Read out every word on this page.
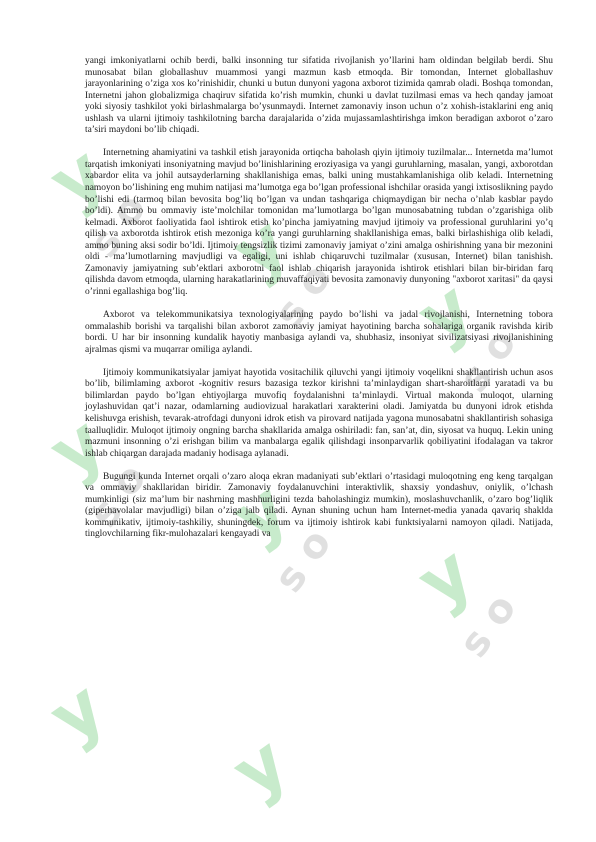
y
y
y
y
y
y
y
y
s o
s o
s o
s o
s o
s o

yangi imkoniyatlarni ochib berdi, balki insonning tur sifatida rivojlanish yo’llarini ham oldindan belgilab berdi. Shu munosabat bilan globallashuv muammosi yangi mazmun kasb etmoqda. Bir tomondan, Internet globallashuv jarayonlarining o’ziga xos ko’rinishidir, chunki u butun dunyoni yagona axborot tizimida qamrab oladi. Boshqa tomondan, Internetni jahon globalizmiga chaqiruv sifatida ko’rish mumkin, chunki u davlat tuzilmasi emas va hech qanday jamoat yoki siyosiy tashkilot yoki birlashmalarga bo’ysunmaydi. Internet zamonaviy inson uchun o’z xohish-istaklarini eng aniq ushlash va ularni ijtimoiy tashkilotning barcha darajalarida o’zida mujassamlashtirishga imkon beradigan axborot o’zaro ta’siri maydoni bo’lib chiqadi.

Internetning ahamiyatini va tashkil etish jarayonida ortiqcha baholash qiyin ijtimoiy tuzilmalar... Internetda ma’lumot tarqatish imkoniyati insoniyatning mavjud bo’linishlarining eroziyasiga va yangi guruhlarning, masalan, yangi, axborotdan xabardor elita va johil autsayderlarning shakllanishiga emas, balki uning mustahkamlanishiga olib keladi. Internetning namoyon bo’lishining eng muhim natijasi ma’lumotga ega bo’lgan professional ishchilar orasida yangi ixtisoslikning paydo bo’lishi edi (tarmoq bilan bevosita bog’liq bo’lgan va undan tashqariga chiqmaydigan bir necha o’nlab kasblar paydo bo’ldi). Ammo bu ommaviy iste’molchilar tomonidan ma’lumotlarga bo’lgan munosabatning tubdan o’zgarishiga olib kelmadi. Axborot faoliyatida faol ishtirok etish ko’pincha jamiyatning mavjud ijtimoiy va professional guruhlarini yo’q qilish va axborotda ishtirok etish mezoniga ko’ra yangi guruhlarning shakllanishiga emas, balki birlashishiga olib keladi, ammo buning aksi sodir bo’ldi. Ijtimoiy tengsizlik tizimi zamonaviy jamiyat o’zini amalga oshirishning yana bir mezonini oldi - ma’lumotlarning mavjudligi va egaligi, uni ishlab chiqaruvchi tuzilmalar (xususan, Internet) bilan tanishish. Zamonaviy jamiyatning sub’ektlari axborotni faol ishlab chiqarish jarayonida ishtirok etishlari bilan bir-biridan farq qilishda davom etmoqda, ularning harakatlarining muvaffaqiyati bevosita zamonaviy dunyoning "axborot xaritasi" da qaysi o’rinni egallashiga bog’liq.

Axborot va telekommunikatsiya texnologiyalarining paydo bo’lishi va jadal rivojlanishi, Internetning tobora ommalashib borishi va tarqalishi bilan axborot zamonaviy jamiyat hayotining barcha sohalariga organik ravishda kirib bordi. U har bir insonning kundalik hayotiy manbasiga aylandi va, shubhasiz, insoniyat sivilizatsiyasi rivojlanishining ajralmas qismi va muqarrar omiliga aylandi.

Ijtimoiy kommunikatsiyalar jamiyat hayotida vositachilik qiluvchi yangi ijtimoiy voqelikni shakllantirish uchun asos bo’lib, bilimlaming axborot -kognitiv resurs bazasiga tezkor kirishni ta’minlaydigan shart-sharoitlarni yaratadi va bu bilimlardan paydo bo’lgan ehtiyojlarga muvofiq foydalanishni ta’minlaydi. Virtual makonda muloqot, ularning joylashuvidan qat’i nazar, odamlarning audiovizual harakatlari xarakterini oladi. Jamiyatda bu dunyoni idrok etishda kelishuvga erishish, tevarak-atrofdagi dunyoni idrok etish va pirovard natijada yagona munosabatni shakllantirish sohasiga taalluqlidir. Muloqot ijtimoiy ongning barcha shakllarida amalga oshiriladi: fan, san’at, din, siyosat va huquq. Lekin uning mazmuni insonning o’zi erishgan bilim va manbalarga egalik qilishdagi insonparvarlik qobiliyatini ifodalagan va takror ishlab chiqargan darajada madaniy hodisaga aylanadi.

Bugungi kunda Internet orqali o’zaro aloqa ekran madaniyati sub’ektlari o’rtasidagi muloqotning eng keng tarqalgan va ommaviy shakllaridan biridir. Zamonaviy foydalanuvchini interaktivlik, shaxsiy yondashuv, oniylik, o’lchash mumkinligi (siz ma’lum bir nashrning mashhurligini tezda baholashingiz mumkin), moslashuvchanlik, o’zaro bog’liqlik (giperhavolalar mavjudligi) bilan o’ziga jalb qiladi. Aynan shuning uchun ham Internet-media yanada qavariq shaklda kommunikativ, ijtimoiy-tashkiliy, shuningdek, forum va ijtimoiy ishtirok kabi funktsiyalarni namoyon qiladi. Natijada, tinglovchilarning fikr-mulohazalari kengayadi va
